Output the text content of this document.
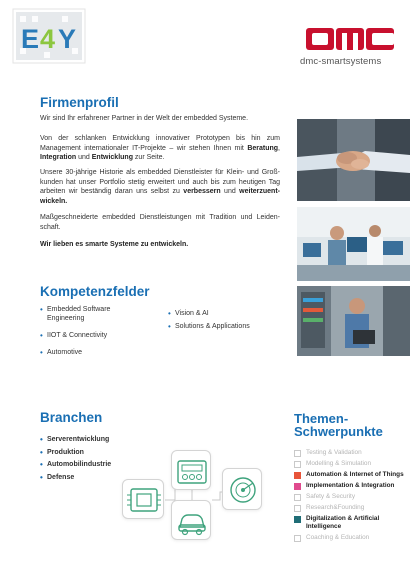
E 4 Y
dmc-smartsystems
Firmenprofil
Wir sind Ihr erfahrener Partner in der Welt der embedded Systeme.
Von der schlanken Entwicklung innovativer Prototypen bis hin zum Management internationaler IT-Projekte – wir stehen Ihnen mit Beratung, Integration und Entwicklung zur Seite.
Unsere 30-jährige Historie als embedded Dienstleister für Klein- und Groß-kunden hat unser Portfolio stetig erweitert und auch bis zum heutigen Tag arbeiten wir beständig daran uns selbst zu verbessern und weiterzuent-wickeln.
Maßgeschneiderte embedded Dienstleistungen mit Tradition und Leiden-schaft.
Wir lieben es smarte Systeme zu entwickeln.
Kompetenzfelder
• Embedded Software Engineering
• IIOT & Connectivity
• Automotive
• Vision & AI
• Solutions & Applications
Branchen
• Serverentwicklung
• Produktion
• Automobilindustrie
• Defense
Themen-
Schwerpunkte
Testing & Validation
Modelling & Simulation
Automation & Internet of Things
Implementation & Integration
Safety & Security
Research&Founding
Digitalization & Artificial Intelligence
Coaching & Education
